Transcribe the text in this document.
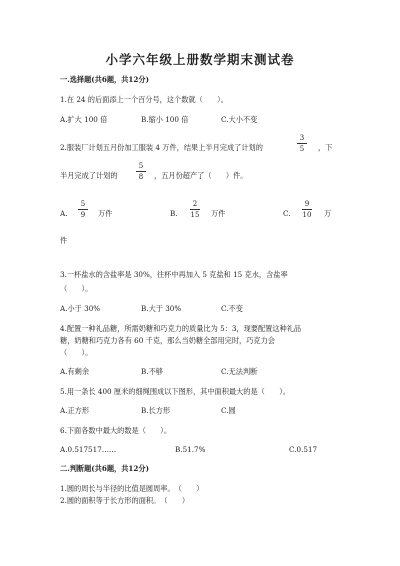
小学六年级上册数学期末测试卷
一.选择题(共6题，共12分)
1.在 24 的后面添上一个百分号，这个数就（　　）。
A.扩大 100 倍	B.缩小 100 倍	C.大小不变
2.服装厂计划五月份加工服装 4 万件，结果上半月完成了计划的
3
5	，下
半月完成了计划的
5
8	，五月份超产了（　　）件。
A.
5
9	万件	B.
2
15	万件	C.
9
10	万
件
3.一杯盐水的含盐率是 30%，往杯中再加入 5 克盐和 15 克水，含盐率
（　　）。
A.小于 30%	B.大于 30%	C.不变
4.配置一种礼品糖，所需奶糖和巧克力的质量比为 5：3，现要配置这种礼品
糖，奶糖和巧克力各有 60 千克，那么当奶糖全部用完时，巧克力会
（　　）。
A.有剩余	B.不够	C.无法判断
5.用一条长 400 厘米的细绳围成以下图形，其中面积最大的是（　　）。
A.正方形	B.长方形	C.圆
6.下面各数中最大的数是（　　）。
A.0.517517……	B.51.7%	C.0.517
二.判断题(共6题，共12分)
1.圆的周长与半径的比值是圆周率。　（　　）
2.圆的面积等于长方形的面积。　（　　）
